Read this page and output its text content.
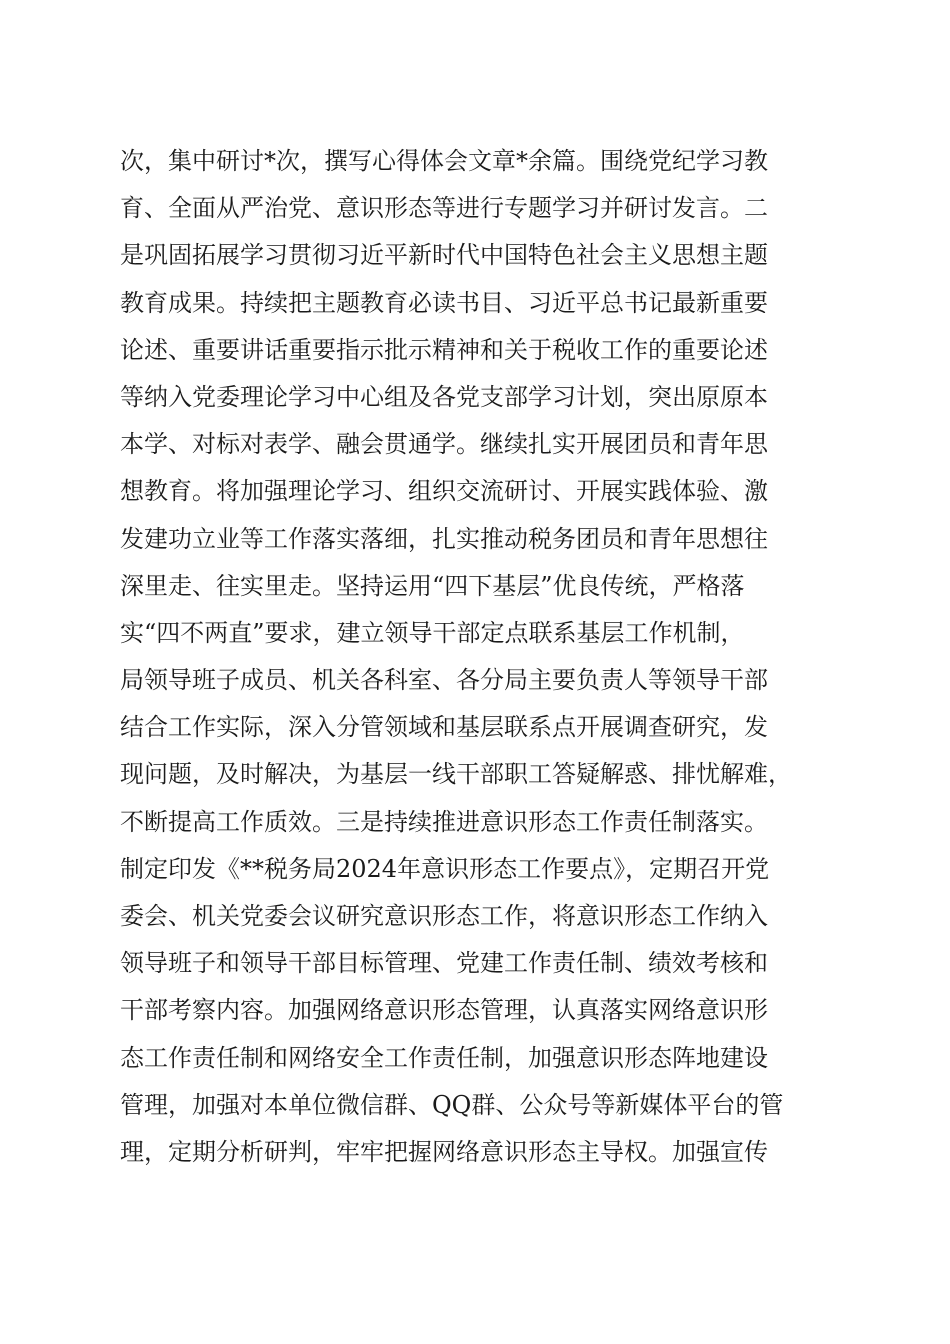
次，集中研讨*次，撰写心得体会文章*余篇。围绕党纪学习教
育、全面从严治党、意识形态等进行专题学习并研讨发言。二
是巩固拓展学习贯彻习近平新时代中国特色社会主义思想主题
教育成果。持续把主题教育必读书目、习近平总书记最新重要
论述、重要讲话重要指示批示精神和关于税收工作的重要论述
等纳入党委理论学习中心组及各党支部学习计划，突出原原本
本学、对标对表学、融会贯通学。继续扎实开展团员和青年思
想教育。将加强理论学习、组织交流研讨、开展实践体验、激
发建功立业等工作落实落细，扎实推动税务团员和青年思想往
深里走、往实里走。坚持运用“四下基层”优良传统，严格落
实“四不两直”要求，建立领导干部定点联系基层工作机制，
局领导班子成员、机关各科室、各分局主要负责人等领导干部
结合工作实际，深入分管领域和基层联系点开展调查研究，发
现问题，及时解决，为基层一线干部职工答疑解惑、排忧解难，
不断提高工作质效。三是持续推进意识形态工作责任制落实。
制定印发《**税务局2024年意识形态工作要点》，定期召开党
委会、机关党委会议研究意识形态工作，将意识形态工作纳入
领导班子和领导干部目标管理、党建工作责任制、绩效考核和
干部考察内容。加强网络意识形态管理，认真落实网络意识形
态工作责任制和网络安全工作责任制，加强意识形态阵地建设
管理，加强对本单位微信群、QQ群、公众号等新媒体平台的管
理，定期分析研判，牢牢把握网络意识形态主导权。加强宣传
